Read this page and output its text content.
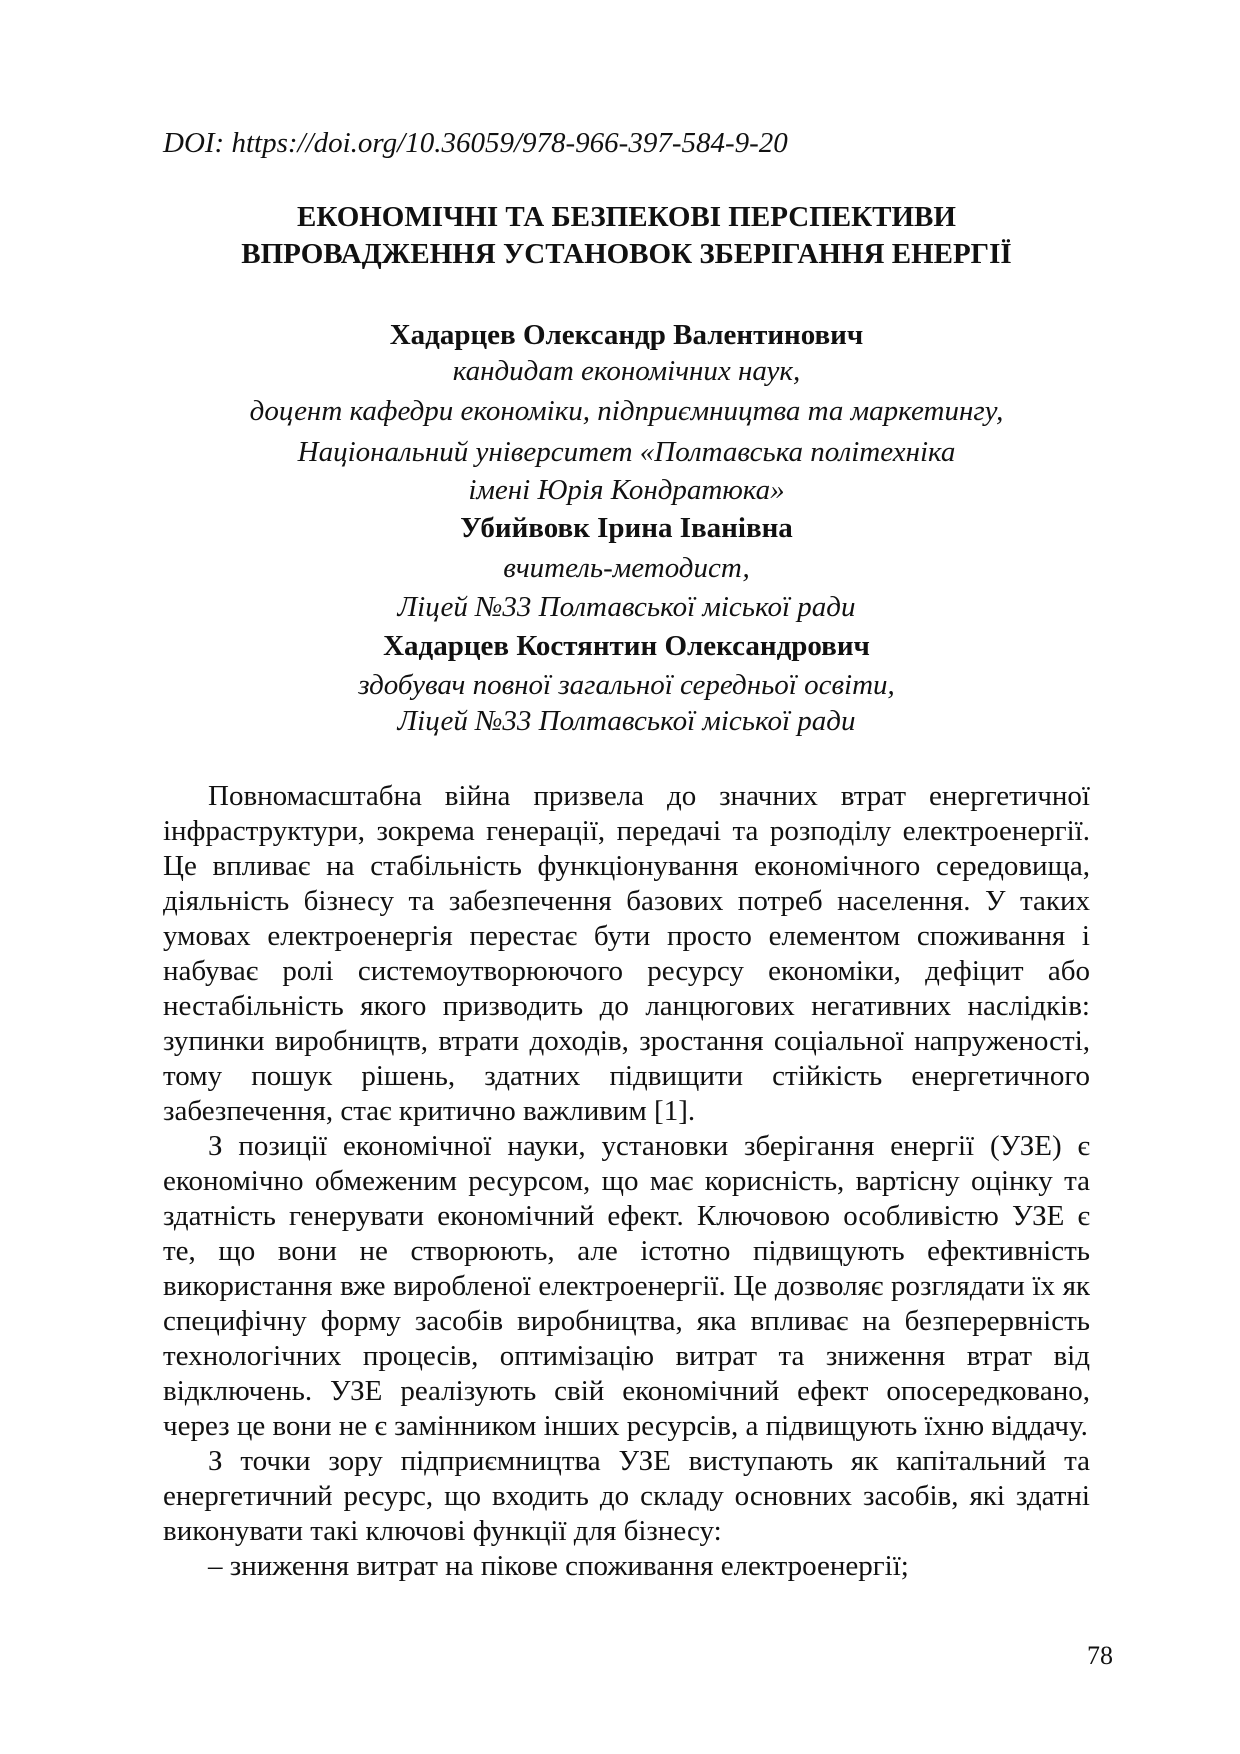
DOI: https://doi.org/10.36059/978-966-397-584-9-20
ЕКОНОМІЧНІ ТА БЕЗПЕКОВІ ПЕРСПЕКТИВИ
ВПРОВАДЖЕННЯ УСТАНОВОК ЗБЕРІГАННЯ ЕНЕРГІЇ
Хадарцев Олександр Валентинович
кандидат економічних наук,
доцент кафедри економіки, підприємництва та маркетингу,
Національний університет «Полтавська політехніка
імені Юрія Кондратюка»
Убийвовк Ірина Іванівна
вчитель-методист,
Ліцей №33 Полтавської міської ради
Хадарцев Костянтин Олександрович
здобувач повної загальної середньої освіти,
Ліцей №33 Полтавської міської ради
Повномасштабна війна призвела до значних втрат енергетичної
інфраструктури, зокрема генерації, передачі та розподілу електроенергії.
Це впливає на стабільність функціонування економічного середовища,
діяльність бізнесу та забезпечення базових потреб населення. У таких
умовах електроенергія перестає бути просто елементом споживання і
набуває ролі системоутворюючого ресурсу економіки, дефіцит або
нестабільність якого призводить до ланцюгових негативних наслідків:
зупинки виробництв, втрати доходів, зростання соціальної напруженості,
тому пошук рішень, здатних підвищити стійкість енергетичного
забезпечення, стає критично важливим [1].
З позиції економічної науки, установки зберігання енергії (УЗЕ) є
економічно обмеженим ресурсом, що має корисність, вартісну оцінку та
здатність генерувати економічний ефект. Ключовою особливістю УЗЕ є
те, що вони не створюють, але істотно підвищують ефективність
використання вже виробленої електроенергії. Це дозволяє розглядати їх як
специфічну форму засобів виробництва, яка впливає на безперервність
технологічних процесів, оптимізацію витрат та зниження втрат від
відключень. УЗЕ реалізують свій економічний ефект опосередковано,
через це вони не є замінником інших ресурсів, а підвищують їхню віддачу.
З точки зору підприємництва УЗЕ виступають як капітальний та
енергетичний ресурс, що входить до складу основних засобів, які здатні
виконувати такі ключові функції для бізнесу:
– зниження витрат на пікове споживання електроенергії;
78
